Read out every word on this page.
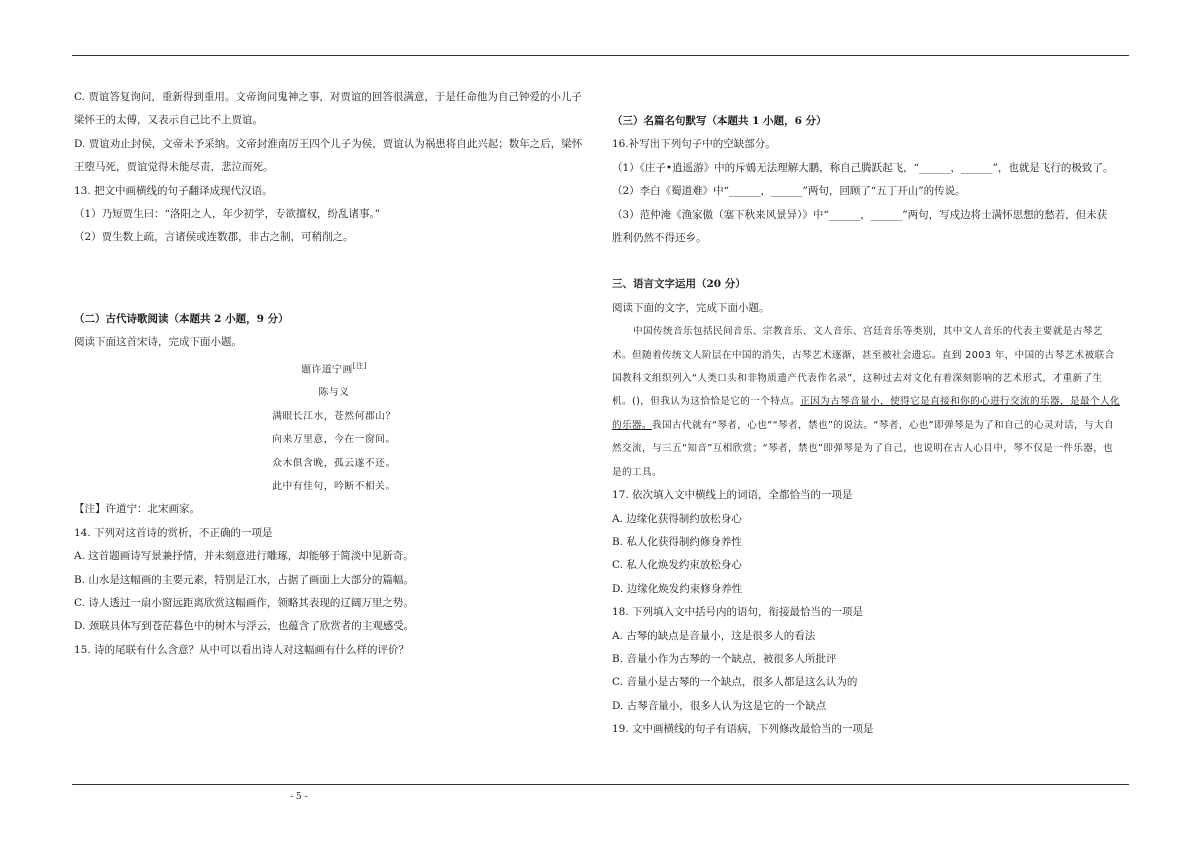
C. 贾谊答复询问，重新得到重用。文帝询问鬼神之事，对贾谊的回答很满意，于是任命他为自己钟爱的小儿子

梁怀王的太傅，又表示自己比不上贾谊。

D. 贾谊劝止封侯，文帝未予采纳。文帝封淮南厉王四个儿子为侯，贾谊认为祸患将自此兴起；数年之后，梁怀

王堕马死，贾谊觉得未能尽责，悲泣而死。

13. 把文中画横线的句子翻译成现代汉语。

（1）乃短贾生曰：“洛阳之人，年少初学，专欲擅权，纷乱诸事。”

（2）贾生数上疏，言诸侯或连数郡，非古之制，可稍削之。

（二）古代诗歌阅读（本题共 2 小题，9 分）

阅读下面这首宋诗，完成下面小题。

题许道宁画[注]

陈与义

满眼长江水，苍然何郡山？

向来万里意，今在一窗间。

众木俱含晚，孤云遂不还。

此中有佳句，吟断不相关。

【注】许道宁：北宋画家。

14. 下列对这首诗的赏析，不正确的一项是

A. 这首题画诗写景兼抒情，并未刻意进行雕琢，却能够于简淡中见新奇。

B. 山水是这幅画的主要元素，特别是江水，占据了画面上大部分的篇幅。

C. 诗人透过一扇小窗远距离欣赏这幅画作，领略其表现的辽阔万里之势。

D. 颈联具体写到苍茫暮色中的树木与浮云，也蕴含了欣赏者的主观感受。

15. 诗的尾联有什么含意？从中可以看出诗人对这幅画有什么样的评价？

（三）名篇名句默写（本题共 1 小题，6 分）

16.补写出下列句子中的空缺部分。

（1）《庄子•逍遥游》中的斥鴳无法理解大鹏，称自己腾跃起飞，“______，______”，也就是飞行的极致了。

（2）李白《蜀道难》中“______，______”两句，回顾了“五丁开山”的传说。

（3）范仲淹《渔家傲（塞下秋来风景异）》中“______，______”两句，写戍边将士满怀思想的愁若，但未获

胜利仍然不得还乡。

三、语言文字运用（20 分）

阅读下面的文字，完成下面小题。

中国传统音乐包括民间音乐、宗教音乐、文人音乐、宫廷音乐等类别，其中文人音乐的代表主要就是古琴艺术。但随着传统文人阶层在中国的消失，古琴艺术逐渐，甚至被社会遗忘。直到 2003 年，中国的古琴艺术被联合国教科文组织列入“人类口头和非物质遗产代表作名录”，这种过去对文化有着深刻影响的艺术形式，才重新了生机。()，但我认为这恰恰是它的一个特点。正因为古琴音量小，使得它是直接和你的心进行交流的乐器，是最个人化的乐器。我国古代就有“琴者，心也”“琴者，禁也”的说法。“琴者，心也”即弹琴是为了和自己的心灵对话，与大自然交流，与三五“知音”互相欣赏；“琴者，禁也”即弹琴是为了自己，也说明在古人心目中，琴不仅是一件乐器，也是的工具。

17. 依次填入文中横线上的词语，全都恰当的一项是

A. 边缘化获得制约放松身心

B. 私人化获得制约修身养性

C. 私人化焕发约束放松身心

D. 边缘化焕发约束修身养性

18. 下列填入文中括号内的语句，衔接最恰当的一项是

A. 古琴的缺点是音量小，这是很多人的看法

B. 音量小作为古琴的一个缺点，被很多人所批评

C. 音量小是古琴的一个缺点，很多人都是这么认为的

D. 古琴音量小，很多人认为这是它的一个缺点

19. 文中画横线的句子有语病，下列修改最恰当的一项是

- 5 -
